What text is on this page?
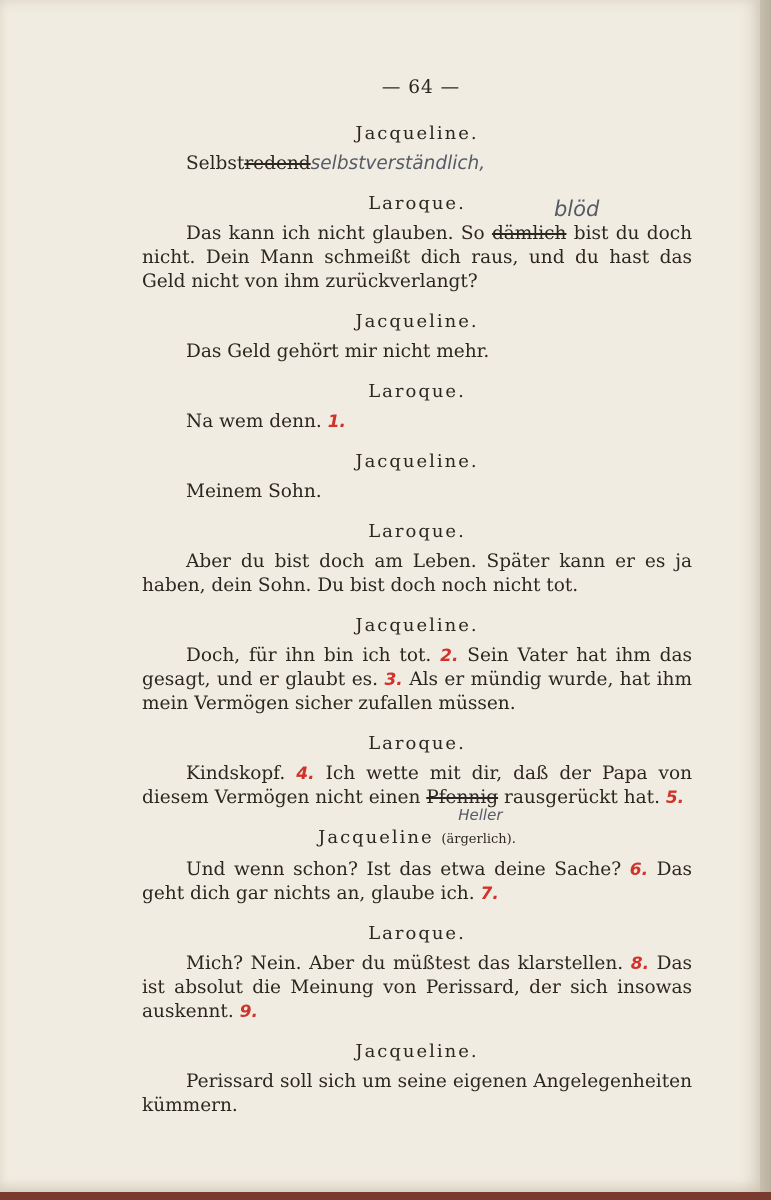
— 64 —
Jacqueline.
Selbstredendselbstverständlich,
Laroque.
Das kann ich nicht glauben. So dämlich
blöd
bist du doch nicht. Dein Mann schmeißt dich raus, und du hast das Geld nicht von ihm zurückverlangt?
Jacqueline.
Das Geld gehört mir nicht mehr.
Laroque.
Na wem denn. 1.
Jacqueline.
Meinem Sohn.
Laroque.
Aber du bist doch am Leben. Später kann er es ja haben, dein Sohn. Du bist doch noch nicht tot.
Jacqueline.
Doch, für ihn bin ich tot. 2. Sein Vater hat ihm das gesagt, und er glaubt es. 3. Als er mündig wurde, hat ihm mein Vermögen sicher zufallen müssen.
Laroque.
Kindskopf. 4. Ich wette mit dir, daß der Papa von diesem Vermögen nicht einen Pfennig
Heller
rausgerückt hat. 5.
Jacqueline (ärgerlich).
Und wenn schon? Ist das etwa deine Sache? 6. Das geht dich gar nichts an, glaube ich. 7.
Laroque.
Mich? Nein. Aber du müßtest das klarstellen. 8. Das ist absolut die Meinung von Perissard, der sich insowas auskennt. 9.
Jacqueline.
Perissard soll sich um seine eigenen Angelegenheiten kümmern.
